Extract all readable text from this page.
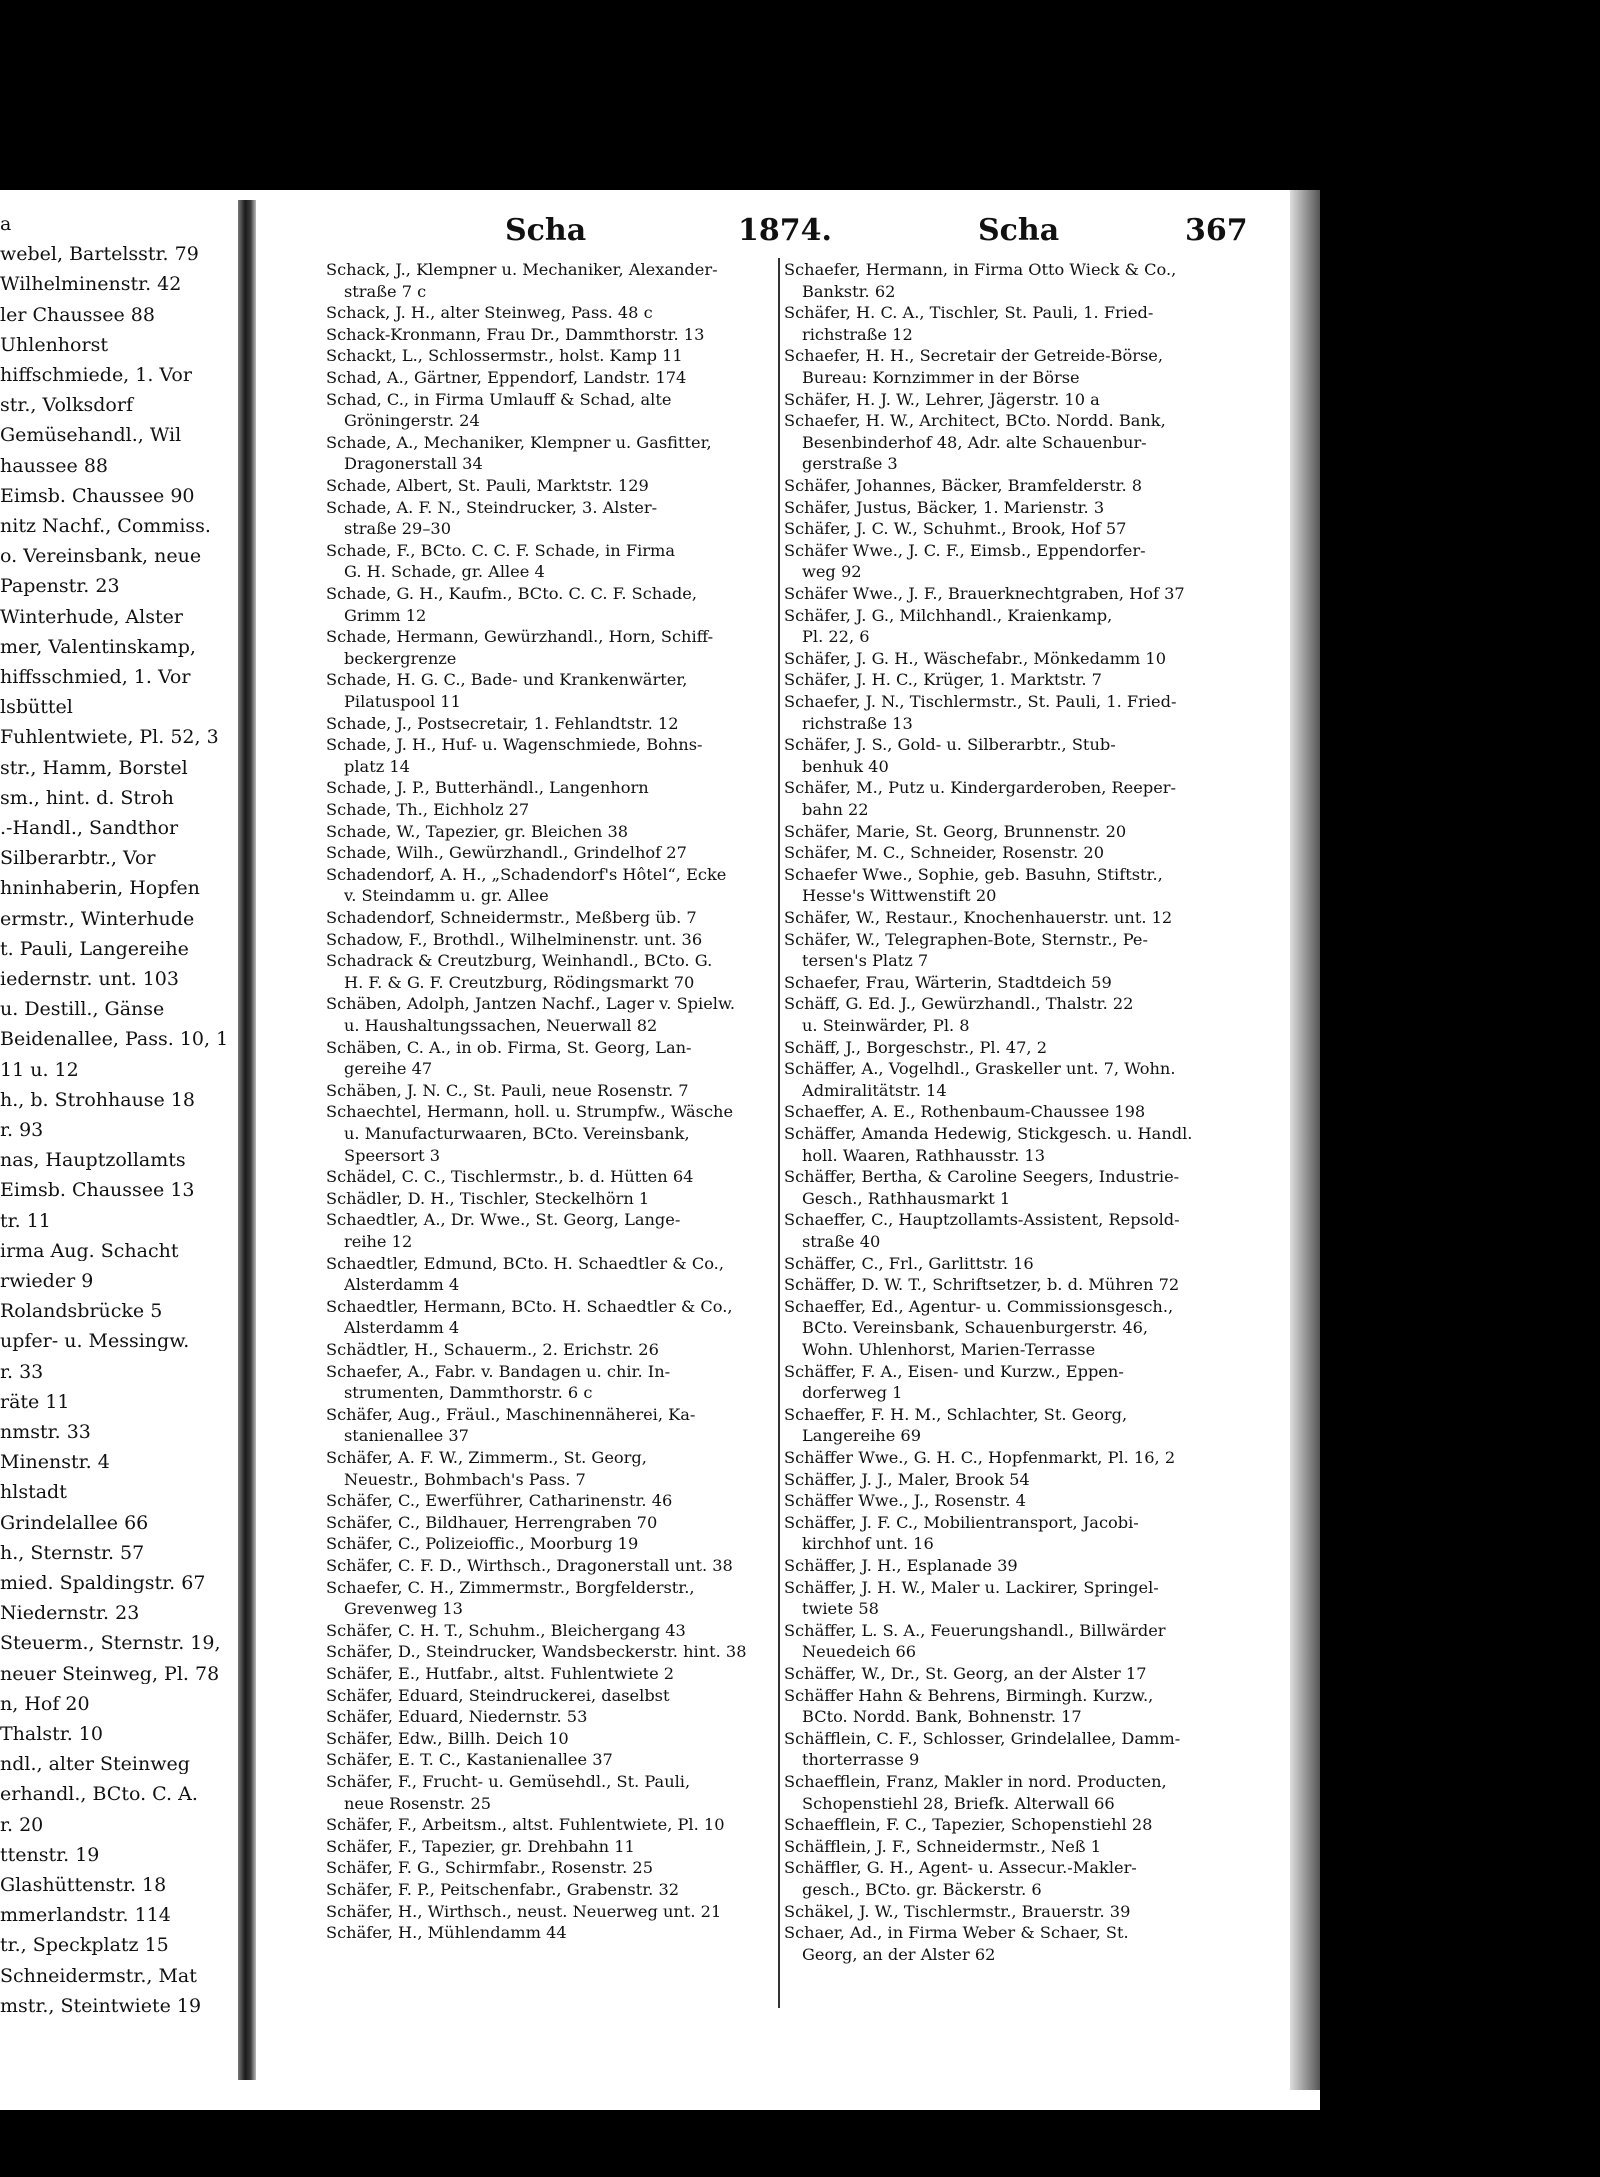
Scha	1874.	Scha	367
a
webel, Bartelsstr. 79
Wilhelminenstr. 42
ler Chaussee 88
Uhlenhorst
hiffschmiede, 1. Vor
str., Volksdorf
Gemüsehandl., Wil
haussee 88
Eimsb. Chaussee 90
nitz Nachf., Commiss.
o. Vereinsbank, neue
Papenstr. 23
Winterhude, Alster
mer, Valentinskamp,
hiffsschmied, 1. Vor
lsbüttel
Fuhlentwiete, Pl. 52, 3
str., Hamm, Borstel
sm., hint. d. Stroh
.-Handl., Sandthor
Silberarbtr., Vor
hninhaberin, Hopfen
ermstr., Winterhude
t. Pauli, Langereihe
iedernstr. unt. 103
u. Destill., Gänse
Beidenallee, Pass. 10, 1
11 u. 12
h., b. Strohhause 18
r. 93
nas, Hauptzollamts
Eimsb. Chaussee 13
tr. 11
irma Aug. Schacht
rwieder 9
Rolandsbrücke 5
upfer- u. Messingw.
r. 33
räte 11
nmstr. 33
Minenstr. 4
hlstadt
Grindelallee 66
h., Sternstr. 57
mied. Spaldingstr. 67
Niedernstr. 23
Steuerm., Sternstr. 19,
neuer Steinweg, Pl. 78
n, Hof 20
Thalstr. 10
ndl., alter Steinweg
erhandl., BCto. C. A.
r. 20
ttenstr. 19
Glashüttenstr. 18
mmerlandstr. 114
tr., Speckplatz 15
Schneidermstr., Mat
mstr., Steintwiete 19
Schack, J., Klempner u. Mechaniker, Alexander-
straße 7 c
Schack, J. H., alter Steinweg, Pass. 48 c
Schack-Kronmann, Frau Dr., Dammthorstr. 13
Schackt, L., Schlossermstr., holst. Kamp 11
Schad, A., Gärtner, Eppendorf, Landstr. 174
Schad, C., in Firma Umlauff & Schad, alte
Gröningerstr. 24
Schade, A., Mechaniker, Klempner u. Gasfitter,
Dragonerstall 34
Schade, Albert, St. Pauli, Marktstr. 129
Schade, A. F. N., Steindrucker, 3. Alster-
straße 29–30
Schade, F., BCto. C. C. F. Schade, in Firma
G. H. Schade, gr. Allee 4
Schade, G. H., Kaufm., BCto. C. C. F. Schade,
Grimm 12
Schade, Hermann, Gewürzhandl., Horn, Schiff-
beckergrenze
Schade, H. G. C., Bade- und Krankenwärter,
Pilatuspool 11
Schade, J., Postsecretair, 1. Fehlandtstr. 12
Schade, J. H., Huf- u. Wagenschmiede, Bohns-
platz 14
Schade, J. P., Butterhändl., Langenhorn
Schade, Th., Eichholz 27
Schade, W., Tapezier, gr. Bleichen 38
Schade, Wilh., Gewürzhandl., Grindelhof 27
Schadendorf, A. H., „Schadendorf's Hôtel“, Ecke
v. Steindamm u. gr. Allee
Schadendorf, Schneidermstr., Meßberg üb. 7
Schadow, F., Brothdl., Wilhelminenstr. unt. 36
Schadrack & Creutzburg, Weinhandl., BCto. G.
H. F. & G. F. Creutzburg, Rödingsmarkt 70
Schäben, Adolph, Jantzen Nachf., Lager v. Spielw.
u. Haushaltungssachen, Neuerwall 82
Schäben, C. A., in ob. Firma, St. Georg, Lan-
gereihe 47
Schäben, J. N. C., St. Pauli, neue Rosenstr. 7
Schaechtel, Hermann, holl. u. Strumpfw., Wäsche
u. Manufacturwaaren, BCto. Vereinsbank,
Speersort 3
Schädel, C. C., Tischlermstr., b. d. Hütten 64
Schädler, D. H., Tischler, Steckelhörn 1
Schaedtler, A., Dr. Wwe., St. Georg, Lange-
reihe 12
Schaedtler, Edmund, BCto. H. Schaedtler & Co.,
Alsterdamm 4
Schaedtler, Hermann, BCto. H. Schaedtler & Co.,
Alsterdamm 4
Schädtler, H., Schauerm., 2. Erichstr. 26
Schaefer, A., Fabr. v. Bandagen u. chir. In-
strumenten, Dammthorstr. 6 c
Schäfer, Aug., Fräul., Maschinennäherei, Ka-
stanienallee 37
Schäfer, A. F. W., Zimmerm., St. Georg,
Neuestr., Bohmbach's Pass. 7
Schäfer, C., Ewerführer, Catharinenstr. 46
Schäfer, C., Bildhauer, Herrengraben 70
Schäfer, C., Polizeioffic., Moorburg 19
Schäfer, C. F. D., Wirthsch., Dragonerstall unt. 38
Schaefer, C. H., Zimmermstr., Borgfelderstr.,
Grevenweg 13
Schäfer, C. H. T., Schuhm., Bleichergang 43
Schäfer, D., Steindrucker, Wandsbeckerstr. hint. 38
Schäfer, E., Hutfabr., altst. Fuhlentwiete 2
Schäfer, Eduard, Steindruckerei, daselbst
Schäfer, Eduard, Niedernstr. 53
Schäfer, Edw., Billh. Deich 10
Schäfer, E. T. C., Kastanienallee 37
Schäfer, F., Frucht- u. Gemüsehdl., St. Pauli,
neue Rosenstr. 25
Schäfer, F., Arbeitsm., altst. Fuhlentwiete, Pl. 10
Schäfer, F., Tapezier, gr. Drehbahn 11
Schäfer, F. G., Schirmfabr., Rosenstr. 25
Schäfer, F. P., Peitschenfabr., Grabenstr. 32
Schäfer, H., Wirthsch., neust. Neuerweg unt. 21
Schäfer, H., Mühlendamm 44
Schaefer, Hermann, in Firma Otto Wieck & Co.,
Bankstr. 62
Schäfer, H. C. A., Tischler, St. Pauli, 1. Fried-
richstraße 12
Schaefer, H. H., Secretair der Getreide-Börse,
Bureau: Kornzimmer in der Börse
Schäfer, H. J. W., Lehrer, Jägerstr. 10 a
Schaefer, H. W., Architect, BCto. Nordd. Bank,
Besenbinderhof 48, Adr. alte Schauenbur-
gerstraße 3
Schäfer, Johannes, Bäcker, Bramfelderstr. 8
Schäfer, Justus, Bäcker, 1. Marienstr. 3
Schäfer, J. C. W., Schuhmt., Brook, Hof 57
Schäfer Wwe., J. C. F., Eimsb., Eppendorfer-
weg 92
Schäfer Wwe., J. F., Brauerknechtgraben, Hof 37
Schäfer, J. G., Milchhandl., Kraienkamp,
Pl. 22, 6
Schäfer, J. G. H., Wäschefabr., Mönkedamm 10
Schäfer, J. H. C., Krüger, 1. Marktstr. 7
Schaefer, J. N., Tischlermstr., St. Pauli, 1. Fried-
richstraße 13
Schäfer, J. S., Gold- u. Silberarbtr., Stub-
benhuk 40
Schäfer, M., Putz u. Kindergarderoben, Reeper-
bahn 22
Schäfer, Marie, St. Georg, Brunnenstr. 20
Schäfer, M. C., Schneider, Rosenstr. 20
Schaefer Wwe., Sophie, geb. Basuhn, Stiftstr.,
Hesse's Wittwenstift 20
Schäfer, W., Restaur., Knochenhauerstr. unt. 12
Schäfer, W., Telegraphen-Bote, Sternstr., Pe-
tersen's Platz 7
Schaefer, Frau, Wärterin, Stadtdeich 59
Schäff, G. Ed. J., Gewürzhandl., Thalstr. 22
u. Steinwärder, Pl. 8
Schäff, J., Borgeschstr., Pl. 47, 2
Schäffer, A., Vogelhdl., Graskeller unt. 7, Wohn.
Admiralitätstr. 14
Schaeffer, A. E., Rothenbaum-Chaussee 198
Schäffer, Amanda Hedewig, Stickgesch. u. Handl.
holl. Waaren, Rathhausstr. 13
Schäffer, Bertha, & Caroline Seegers, Industrie-
Gesch., Rathhausmarkt 1
Schaeffer, C., Hauptzollamts-Assistent, Repsold-
straße 40
Schäffer, C., Frl., Garlittstr. 16
Schäffer, D. W. T., Schriftsetzer, b. d. Mühren 72
Schaeffer, Ed., Agentur- u. Commissionsgesch.,
BCto. Vereinsbank, Schauenburgerstr. 46,
Wohn. Uhlenhorst, Marien-Terrasse
Schäffer, F. A., Eisen- und Kurzw., Eppen-
dorferweg 1
Schaeffer, F. H. M., Schlachter, St. Georg,
Langereihe 69
Schäffer Wwe., G. H. C., Hopfenmarkt, Pl. 16, 2
Schäffer, J. J., Maler, Brook 54
Schäffer Wwe., J., Rosenstr. 4
Schäffer, J. F. C., Mobilientransport, Jacobi-
kirchhof unt. 16
Schäffer, J. H., Esplanade 39
Schäffer, J. H. W., Maler u. Lackirer, Springel-
twiete 58
Schäffer, L. S. A., Feuerungshandl., Billwärder
Neuedeich 66
Schäffer, W., Dr., St. Georg, an der Alster 17
Schäffer Hahn & Behrens, Birmingh. Kurzw.,
BCto. Nordd. Bank, Bohnenstr. 17
Schäfflein, C. F., Schlosser, Grindelallee, Damm-
thorterrasse 9
Schaefflein, Franz, Makler in nord. Producten,
Schopenstiehl 28, Briefk. Alterwall 66
Schaefflein, F. C., Tapezier, Schopenstiehl 28
Schäfflein, J. F., Schneidermstr., Neß 1
Schäffler, G. H., Agent- u. Assecur.-Makler-
gesch., BCto. gr. Bäckerstr. 6
Schäkel, J. W., Tischlermstr., Brauerstr. 39
Schaer, Ad., in Firma Weber & Schaer, St.
Georg, an der Alster 62
